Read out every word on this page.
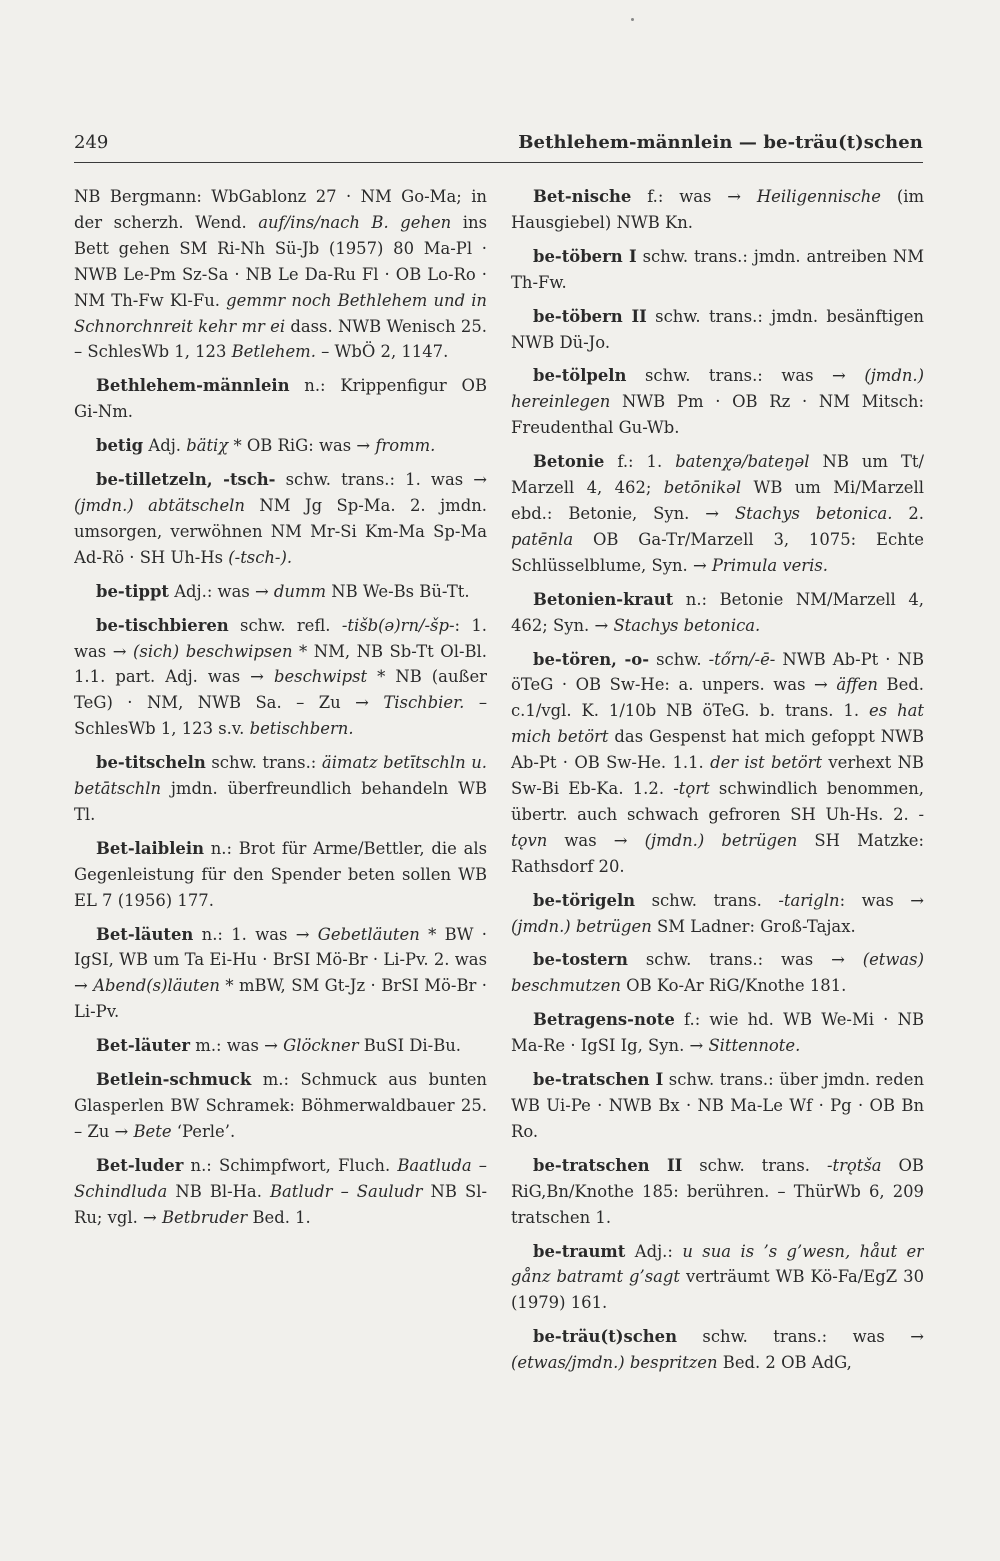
249	Bethlehem-männlein — be-träu(t)schen

NB Bergmann: WbGablonz 27 · NM Go-Ma; in der scherzh. Wend. auf/ins/nach B. gehen ins Bett gehen SM Ri-Nh Sü-Jb (1957) 80 Ma-Pl · NWB Le-Pm Sz-Sa · NB Le Da-Ru Fl · OB Lo-Ro · NM Th-Fw Kl-Fu. gemmr noch Bethlehem und in Schnorchnreit kehr mr ei dass. NWB Wenisch 25. – SchlesWb 1, 123 Betlehem. – WbÖ 2, 1147.

Bethlehem-männlein n.: Krippenfigur OB Gi-Nm.

betig Adj. bätiχ * OB RiG: was → fromm.

be-tilletzeln, -tsch- schw. trans.: 1. was → (jmdn.) abtätscheln NM Jg Sp-Ma. 2. jmdn. umsorgen, verwöhnen NM Mr-Si Km-Ma Sp-Ma Ad-Rö · SH Uh-Hs (-tsch-).

be-tippt Adj.: was → dumm NB We-Bs Bü-Tt.

be-tischbieren schw. refl. -tišb(ə)rn/-šp-: 1. was → (sich) beschwipsen * NM, NB Sb-Tt Ol-Bl. 1.1. part. Adj. was → beschwipst * NB (außer TeG) · NM, NWB Sa. – Zu → Tischbier. – SchlesWb 1, 123 s.v. betischbern.

be-titscheln schw. trans.: äimatz betītschln u. betātschln jmdn. überfreundlich behandeln WB Tl.

Bet-laiblein n.: Brot für Arme/Bettler, die als Gegenleistung für den Spender beten sollen WB EL 7 (1956) 177.

Bet-läuten n.: 1. was → Gebetläuten * BW · IgSI, WB um Ta Ei-Hu · BrSI Mö-Br · Li-Pv. 2. was → Abend(s)läuten * mBW, SM Gt-Jz · BrSI Mö-Br · Li-Pv.

Bet-läuter m.: was → Glöckner BuSI Di-Bu.

Betlein-schmuck m.: Schmuck aus bunten Glasperlen BW Schramek: Böhmerwaldbauer 25. – Zu → Bete ‘Perle’.

Bet-luder n.: Schimpfwort, Fluch. Baatluda – Schindluda NB Bl-Ha. Batludr – Sauludr NB Sl-Ru; vgl. → Betbruder Bed. 1.

Bet-nische f.: was → Heiligennische (im Hausgiebel) NWB Kn.

be-töbern I schw. trans.: jmdn. antreiben NM Th-Fw.

be-töbern II schw. trans.: jmdn. besänftigen NWB Dü-Jo.

be-tölpeln schw. trans.: was → (jmdn.) hereinlegen NWB Pm · OB Rz · NM Mitsch: Freudenthal Gu-Wb.

Betonie f.: 1. batenχə/bateŋəl NB um Tt/ Marzell 4, 462; betōnikəl WB um Mi/Marzell ebd.: Betonie, Syn. → Stachys betonica. 2. patēnla OB Ga-Tr/Marzell 3, 1075: Echte Schlüsselblume, Syn. → Primula veris.

Betonien-kraut n.: Betonie NM/Marzell 4, 462; Syn. → Stachys betonica.

be-tören, -o- schw. -tőrn/-ē- NWB Ab-Pt · NB öTeG · OB Sw-He: a. unpers. was → äffen Bed. c.1/vgl. K. 1/10b NB öTeG. b. trans. 1. es hat mich betört das Gespenst hat mich gefoppt NWB Ab-Pt · OB Sw-He. 1.1. der ist betört verhext NB Sw-Bi Eb-Ka. 1.2. -tǫrt schwindlich benommen, übertr. auch schwach gefroren SH Uh-Hs. 2. -tǫvn was → (jmdn.) betrügen SH Matzke: Rathsdorf 20.

be-törigeln schw. trans. -tarigln: was → (jmdn.) betrügen SM Ladner: Groß-Tajax.

be-tostern schw. trans.: was → (etwas) beschmutzen OB Ko-Ar RiG/Knothe 181.

Betragens-note f.: wie hd. WB We-Mi · NB Ma-Re · IgSI Ig, Syn. → Sittennote.

be-tratschen I schw. trans.: über jmdn. reden WB Ui-Pe · NWB Bx · NB Ma-Le Wf · Pg · OB Bn Ro.

be-tratschen II schw. trans. -trǫtša OB RiG,Bn/Knothe 185: berühren. – ThürWb 6, 209 tratschen 1.

be-traumt Adj.: u sua is ’s g’wesn, håut er gånz batramt g’sagt verträumt WB Kö-Fa/EgZ 30 (1979) 161.

be-träu(t)schen schw. trans.: was → (etwas/jmdn.) bespritzen Bed. 2 OB AdG,
